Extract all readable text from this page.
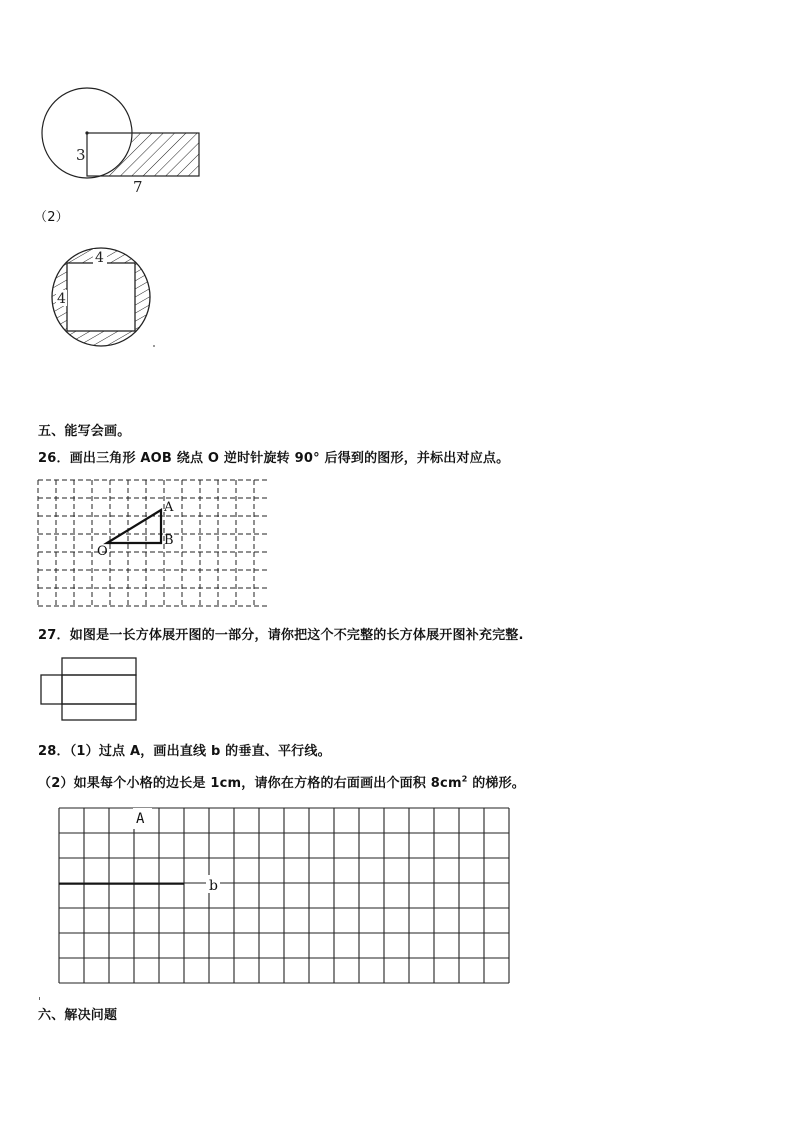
3
7
（2）
4
4
五、能写会画。
26．画出三角形 AOB 绕点 O 逆时针旋转 90° 后得到的图形，并标出对应点。
A
B
O
27．如图是一长方体展开图的一部分，请你把这个不完整的长方体展开图补充完整.
28．（1）过点 A，画出直线 b 的垂直、平行线。
（2）如果每个小格的边长是 1cm，请你在方格的右面画出个面积 $8cm^2$ 的梯形。
b
A
六、解决问题
